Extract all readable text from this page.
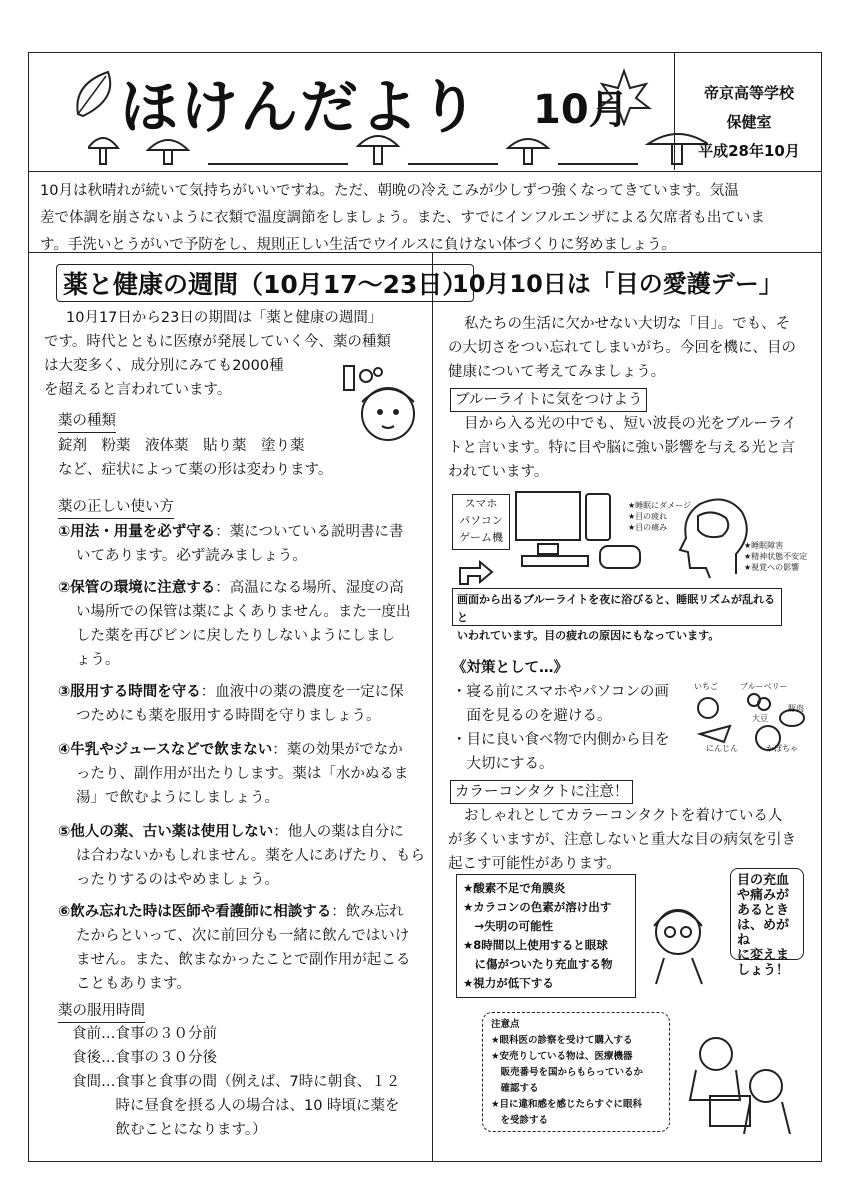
ほけんだより 10月	帝京高等学校
保健室
平成28年10月
10月は秋晴れが続いて気持ちがいいですね。ただ、朝晩の冷えこみが少しずつ強くなってきています。気温
差で体調を崩さないように衣類で温度調節をしましょう。また、すでにインフルエンザによる欠席者も出ていま
す。手洗いとうがいで予防をし、規則正しい生活でウイルスに負けない体づくりに努めましょう。
薬と健康の週間（10月17～23日）
10月17日から23日の期間は「薬と健康の週間」
です。時代とともに医療が発展していく今、薬の種類
は大変多く、成分別にみても2000種
を超えると言われています。
薬の種類
錠剤　粉薬　液体薬　貼り薬　塗り薬
など、症状によって薬の形は変わります。
薬の正しい使い方
①用法・用量を必ず守る：薬についている説明書に書
いてあります。必ず読みましょう。
②保管の環境に注意する：高温になる場所、湿度の高
い場所での保管は薬によくありません。また一度出
した薬を再びビンに戻したりしないようにしまし
ょう。
③服用する時間を守る：血液中の薬の濃度を一定に保
つためにも薬を服用する時間を守りましょう。
④牛乳やジュースなどで飲まない：薬の効果がでなか
ったり、副作用が出たりします。薬は「水かぬるま
湯」で飲むようにしましょう。
⑤他人の薬、古い薬は使用しない：他人の薬は自分に
は合わないかもしれません。薬を人にあげたり、もら
ったりするのはやめましょう。
⑥飲み忘れた時は医師や看護師に相談する：飲み忘れ
たからといって、次に前回分も一緒に飲んではいけ
ません。また、飲まなかったことで副作用が起こる
こともあります。
薬の服用時間
食前…食事の３０分前
食後…食事の３０分後
食間…食事と食事の間（例えば、7時に朝食、１２
　　　時に昼食を摂る人の場合は、10 時頃に薬を
　　　飲むことになります。）
10月10日は「目の愛護デー」
私たちの生活に欠かせない大切な「目」。でも、そ
の大切さをつい忘れてしまいがち。今回を機に、目の
健康について考えてみましょう。
ブルーライトに気をつけよう
目から入る光の中でも、短い波長の光をブルーライ
トと言います。特に目や脳に強い影響を与える光と言
われています。
スマホ
パソコン
ゲーム機
★睡眠にダメージ
★目の疲れ
★目の痛み
★睡眠障害
★精神状態不安定
★視覚への影響
画面から出るブルーライトを夜に浴びると、睡眠リズムが乱れると
いわれています。目の疲れの原因にもなっています。
《対策として…》
・寝る前にスマホやパソコンの画
　面を見るのを避ける。
・目に良い食べ物で内側から目を
　大切にする。
いちご	ブルーベリー
大豆
豚肉
にんじん	かぼちゃ
カラーコンタクトに注意！
おしゃれとしてカラーコンタクトを着けている人
が多くいますが、注意しないと重大な目の病気を引き
起こす可能性があります。
★酸素不足で角膜炎
★カラコンの色素が溶け出す
　→失明の可能性
★8時間以上使用すると眼球
　に傷がついたり充血する物
★視力が低下する
目の充血
や痛みが
あるとき
は、めがね
に変えま
しょう！
注意点
★眼科医の診察を受けて購入する
★安売りしている物は、医療機器
　販売番号を国からもらっているか
　確認する
★目に違和感を感じたらすぐに眼科
　を受診する
